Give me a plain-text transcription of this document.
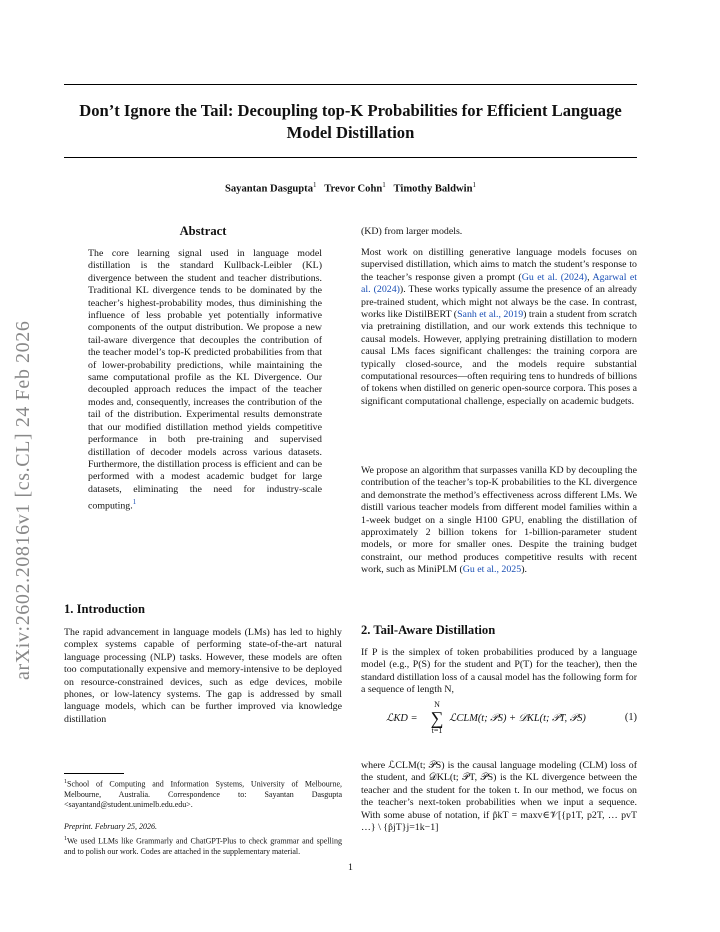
arXiv:2602.20816v1 [cs.CL] 24 Feb 2026
Don’t Ignore the Tail: Decoupling top-K Probabilities for Efficient Language Model Distillation
Sayantan Dasgupta$^1$ Trevor Cohn$^1$ Timothy Baldwin$^1$
Abstract
The core learning signal used in language model distillation is the standard Kullback-Leibler (KL) divergence between the student and teacher distributions. Traditional KL divergence tends to be dominated by the teacher’s highest-probability modes, thus diminishing the influence of less probable yet potentially informative components of the output distribution. We propose a new tail-aware divergence that decouples the contribution of the teacher model’s top-K predicted probabilities from that of lower-probability predictions, while maintaining the same computational profile as the KL Divergence. Our decoupled approach reduces the impact of the teacher modes and, consequently, increases the contribution of the tail of the distribution. Experimental results demonstrate that our modified distillation method yields competitive performance in both pre-training and supervised distillation of decoder models across various datasets. Furthermore, the distillation process is efficient and can be performed with a modest academic budget for large datasets, eliminating the need for industry-scale computing.$^1$
1. Introduction
The rapid advancement in language models (LMs) has led to highly complex systems capable of performing state-of-the-art natural language processing (NLP) tasks. However, these models are often too computationally expensive and memory-intensive to be deployed on resource-constrained devices, such as edge devices, mobile phones, or low-latency systems. The gap is addressed by small language models, which can be further improved via knowledge distillation
$^1$School of Computing and Information Systems, University of Melbourne, Melbourne, Australia. Correspondence to: Sayantan Dasgupta <sayantand@student.unimelb.edu.edu>.
Preprint. February 25, 2026.
$^1$We used LLMs like Grammarly and ChatGPT-Plus to check grammar and spelling and to polish our work. Codes are attached in the supplementary material.
(KD) from larger models.
Most work on distilling generative language models focuses on supervised distillation, which aims to match the student’s response to the teacher’s response given a prompt (Gu et al. (2024), Agarwal et al. (2024)). These works typically assume the presence of an already pre-trained student, which might not always be the case. In contrast, works like DistilBERT (Sanh et al., 2019) train a student from scratch via pretraining distillation, and our work extends this technique to causal models. However, applying pretraining distillation to modern causal LMs faces significant challenges: the training corpora are typically closed-source, and the models require substantial computational resources—often requiring tens to hundreds of billions of tokens when distilled on generic open-source corpora. This poses a significant computational challenge, especially on academic budgets.
We propose an algorithm that surpasses vanilla KD by decoupling the contribution of the teacher’s top-K probabilities to the KL divergence and demonstrate the method’s effectiveness across different LMs. We distill various teacher models from different model families within a 1-week budget on a single H100 GPU, enabling the distillation of approximately 2 billion tokens for 1-billion-parameter student models, or more for smaller ones. Despite the training budget constraint, our method produces competitive results with recent work, such as MiniPLM (Gu et al., 2025).
2. Tail-Aware Distillation
If P is the simplex of token probabilities produced by a language model (e.g., P(S) for the student and P(T) for the teacher), then the standard distillation loss of a causal model has the following form for a sequence of length N,
ℒKD =
N
∑
t=1
ℒCLM(t; 𝒫S) + 𝒟KL(t; 𝒫T, 𝒫S)	(1)
where ℒCLM(t; 𝒫S) is the causal language modeling (CLM) loss of the student, and 𝒟KL(t; 𝒫T, 𝒫S) is the KL divergence between the teacher and the student for the token t. In our method, we focus on the teacher’s next-token probabilities when we input a sequence. With some abuse of notation, if p̂kT = maxv∈𝒱[{p1T, p2T, … pvT …} \ {p̂jT}j=1k−1]
1
